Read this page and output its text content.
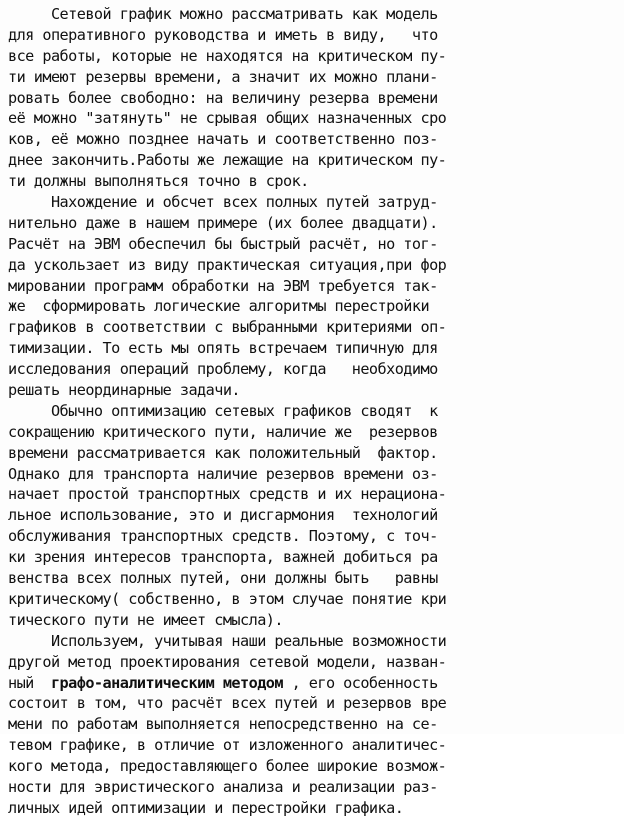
Сетевой график можно рассматривать как модель
для оперативного руководства и иметь в виду,   что
все работы, которые не находятся на критическом пу-
ти имеют резервы времени, а значит их можно плани-
ровать более свободно: на величину резерва времени
её можно "затянуть" не срывая общих назначенных сро
ков, её можно позднее начать и соответственно поз-
днее закончить.Работы же лежащие на критическом пу-
ти должны выполняться точно в срок.
Нахождение и обсчет всех полных путей затруд-
нительно даже в нашем примере (их более двадцати).
Расчёт на ЭВМ обеспечил бы быстрый расчёт, но тог-
да ускользает из виду практическая ситуация,при фор
мировании программ обработки на ЭВМ требуется так-
же  сформировать логические алгоритмы перестройки
графиков в соответствии с выбранными критериями оп-
тимизации. То есть мы опять встречаем типичную для
исследования операций проблему, когда   необходимо
решать неординарные задачи.
Обычно оптимизацию сетевых графиков сводят  к
сокращению критического пути, наличие же  резервов
времени рассматривается как положительный  фактор.
Однако для транспорта наличие резервов времени оз-
начает простой транспортных средств и их нерациона-
льное использование, это и дисгармония  технологий
обслуживания транспортных средств. Поэтому, с точ-
ки зрения интересов транспорта, важней добиться ра
венства всех полных путей, они должны быть   равны
критическому( собственно, в этом случае понятие кри
тического пути не имеет смысла).
Используем, учитывая наши реальные возможности
другой метод проектирования сетевой модели, назван-
ный  графо-аналитическим методом , его особенность
состоит в том, что расчёт всех путей и резервов вре
мени по работам выполняется непосредственно на се-
тевом графике, в отличие от изложенного аналитичес-
кого метода, предоставляющего более широкие возмож-
ности для эвристического анализа и реализации раз-
личных идей оптимизации и перестройки графика.
